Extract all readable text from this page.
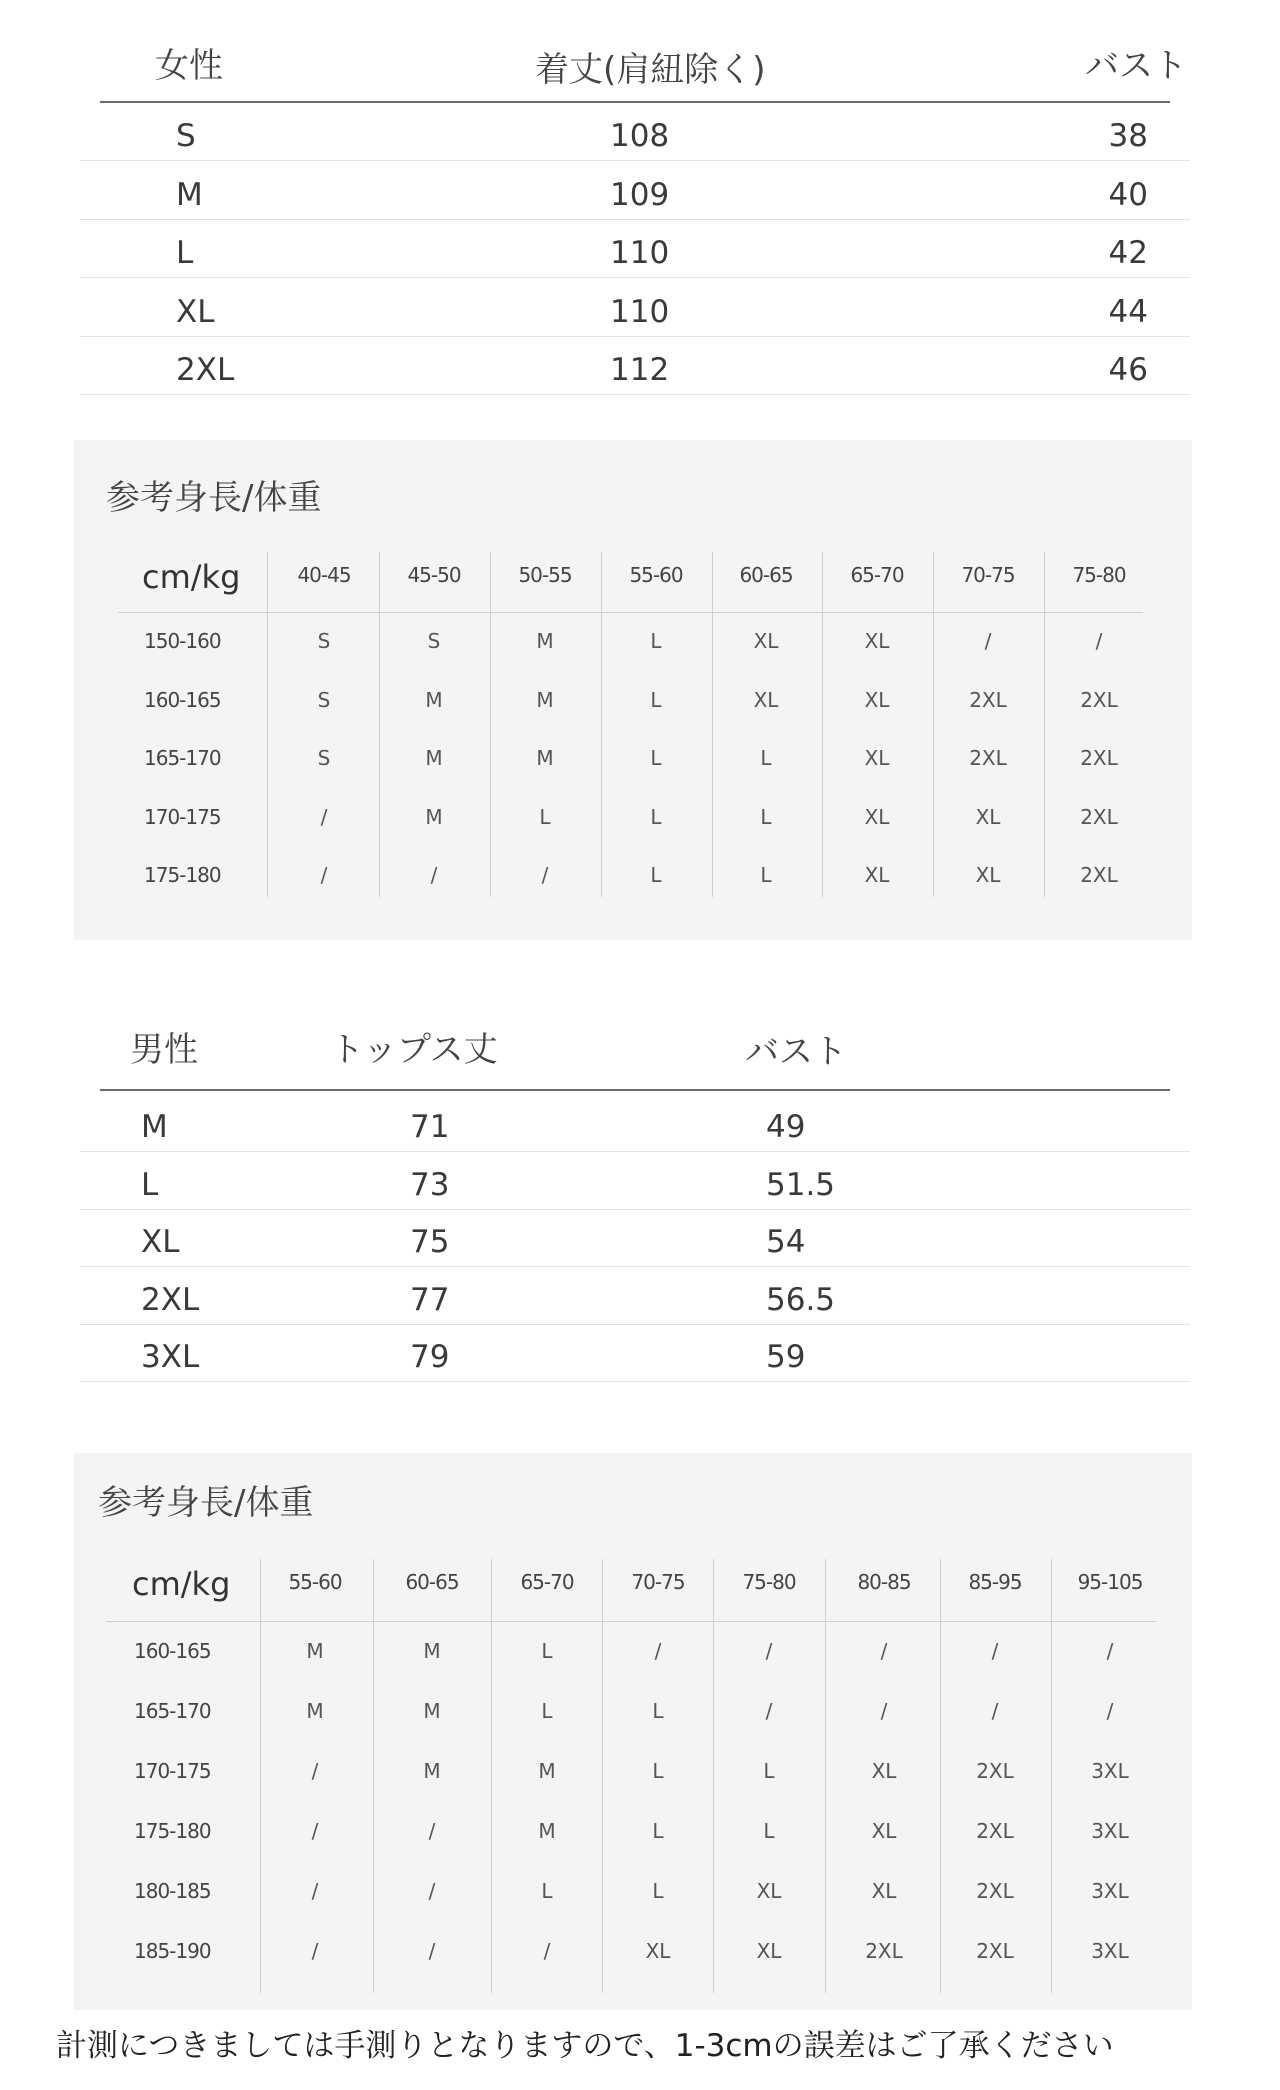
女性	着丈(肩紐除く)	バスト
S	108	38
M	109	40
L	110	42
XL	110	44
2XL	112	46
参考身長/体重
cm/kg	40-45	45-50	50-55	55-60	60-65	65-70	70-75	75-80
150-160	S	S	M	L	XL	XL	/	/
160-165	S	M	M	L	XL	XL	2XL	2XL
165-170	S	M	M	L	L	XL	2XL	2XL
170-175	/	M	L	L	L	XL	XL	2XL
175-180	/	/	/	L	L	XL	XL	2XL
男性	トップス丈	バスト
M	71	49
L	73	51.5
XL	75	54
2XL	77	56.5
3XL	79	59
参考身長/体重
cm/kg	55-60	60-65	65-70	70-75	75-80	80-85	85-95	95-105
160-165	M	M	L	/	/	/	/	/
165-170	M	M	L	L	/	/	/	/
170-175	/	M	M	L	L	XL	2XL	3XL
175-180	/	/	M	L	L	XL	2XL	3XL
180-185	/	/	L	L	XL	XL	2XL	3XL
185-190	/	/	/	XL	XL	2XL	2XL	3XL
計測につきましては手測りとなりますので、1-3cmの誤差はご了承ください
